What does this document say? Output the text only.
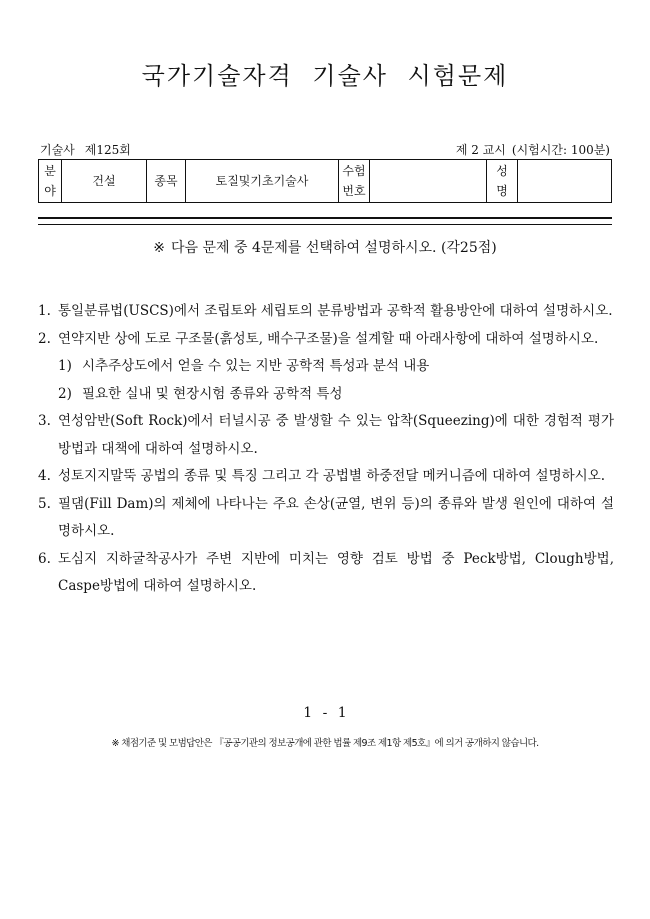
국가기술자격 기술사 시험문제
기술사 제125회	제 2 교시 (시험시간: 100분)
분야	건설	종목	토질및기초기술사	수험번호		성명	
※ 다음 문제 중 4문제를 선택하여 설명하시오. (각25점)
1. 통일분류법(USCS)에서 조립토와 세립토의 분류방법과 공학적 활용방안에 대하여 설명하시오.
2. 연약지반 상에 도로 구조물(흙성토, 배수구조물)을 설계할 때 아래사항에 대하여 설명하시오.
1) 시추주상도에서 얻을 수 있는 지반 공학적 특성과 분석 내용
2) 필요한 실내 및 현장시험 종류와 공학적 특성
3. 연성암반(Soft Rock)에서 터널시공 중 발생할 수 있는 압착(Squeezing)에 대한 경험적 평가방법과 대책에 대하여 설명하시오.
4. 성토지지말뚝 공법의 종류 및 특징 그리고 각 공법별 하중전달 메커니즘에 대하여 설명하시오.
5. 필댐(Fill Dam)의 제체에 나타나는 주요 손상(균열, 변위 등)의 종류와 발생 원인에 대하여 설명하시오.
6. 도심지 지하굴착공사가 주변 지반에 미치는 영향 검토 방법 중 Peck방법, Clough방법, Caspe방법에 대하여 설명하시오.
1 - 1
※ 채점기준 및 모범답안은 『공공기관의 정보공개에 관한 법률 제9조 제1항 제5호』에 의거 공개하지 않습니다.
